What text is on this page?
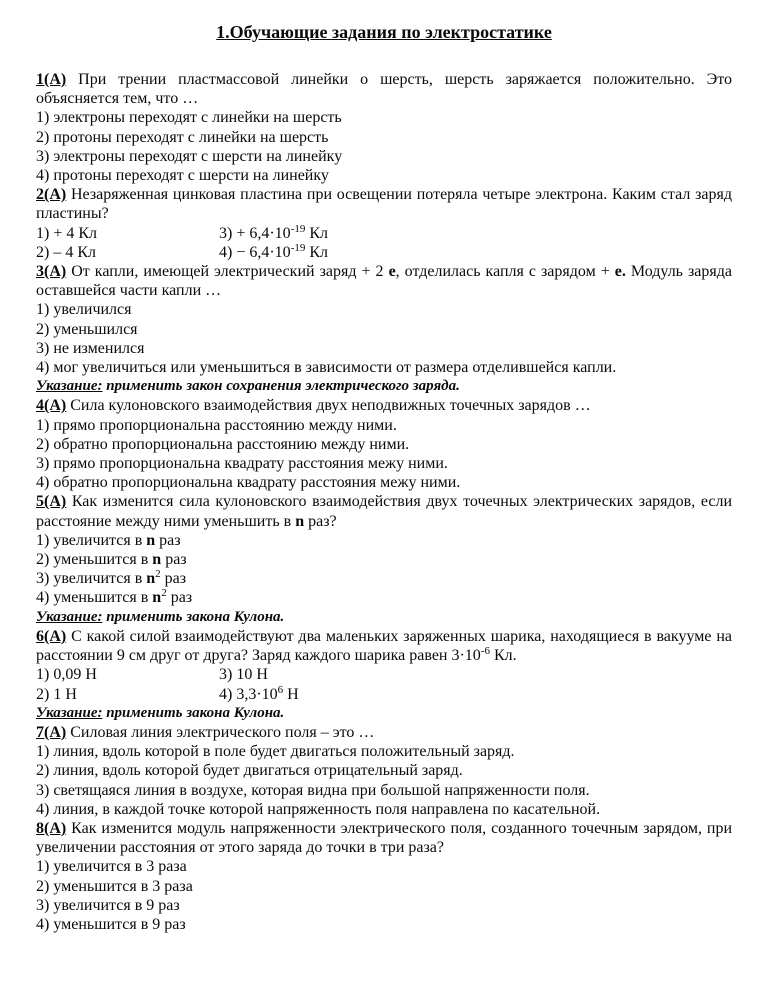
1.Обучающие задания по электростатике

1(А) При трении пластмассовой линейки о шерсть, шерсть заряжается положительно. Это объясняется тем, что …

1) электроны переходят с линейки на шерсть

2) протоны переходят с линейки на шерсть

3) электроны переходят с шерсти на линейку

4) протоны переходят с шерсти на линейку

2(А) Незаряженная цинковая пластина при освещении потеряла четыре электрона. Каким стал заряд пластины?

1) + 4 Кл	$3) + 6,4\cdot 10^{-19}$ Кл
2) – 4 Кл	$4) - 6,4\cdot 10^{-19}$ Кл

3(А) От капли, имеющей электрический заряд + 2 е, отделилась капля с зарядом + е. Модуль заряда оставшейся части капли …

1) увеличился

2) уменьшился

3) не изменился

4) мог увеличиться или уменьшиться в зависимости от размера отделившейся капли.

Указание: применить закон сохранения электрического заряда.

4(А) Сила кулоновского взаимодействия двух неподвижных точечных зарядов …

1) прямо пропорциональна расстоянию между ними.

2) обратно пропорциональна расстоянию между ними.

3) прямо пропорциональна квадрату расстояния межу ними.

4) обратно пропорциональна квадрату расстояния межу ними.

5(А) Как изменится сила кулоновского взаимодействия двух точечных электрических зарядов, если расстояние между ними уменьшить в n раз?

1) увеличится в n раз

2) уменьшится в n раз

3) увеличится в $n^2$ раз

4) уменьшится в $n^2$ раз

Указание: применить закона Кулона.

6(А) С какой силой взаимодействуют два маленьких заряженных шарика, находящиеся в вакууме на расстоянии 9 см друг от друга? Заряд каждого шарика равен $3\cdot 10^{-6}$ Кл.

1) 0,09 Н	3) 10 Н
2) 1 Н	4) $3,3\cdot 10^6$ Н

Указание: применить закона Кулона.

7(А) Силовая линия электрического поля – это …

1) линия, вдоль которой в поле будет двигаться положительный заряд.

2) линия, вдоль которой будет двигаться отрицательный заряд.

3) светящаяся линия в воздухе, которая видна при большой напряженности поля.

4) линия, в каждой точке которой напряженность поля направлена по касательной.

8(А) Как изменится модуль напряженности электрического поля, созданного точечным зарядом, при увеличении расстояния от этого заряда до точки в три раза?

1) увеличится в 3 раза

2) уменьшится в 3 раза

3) увеличится в 9 раз

4) уменьшится в 9 раз
